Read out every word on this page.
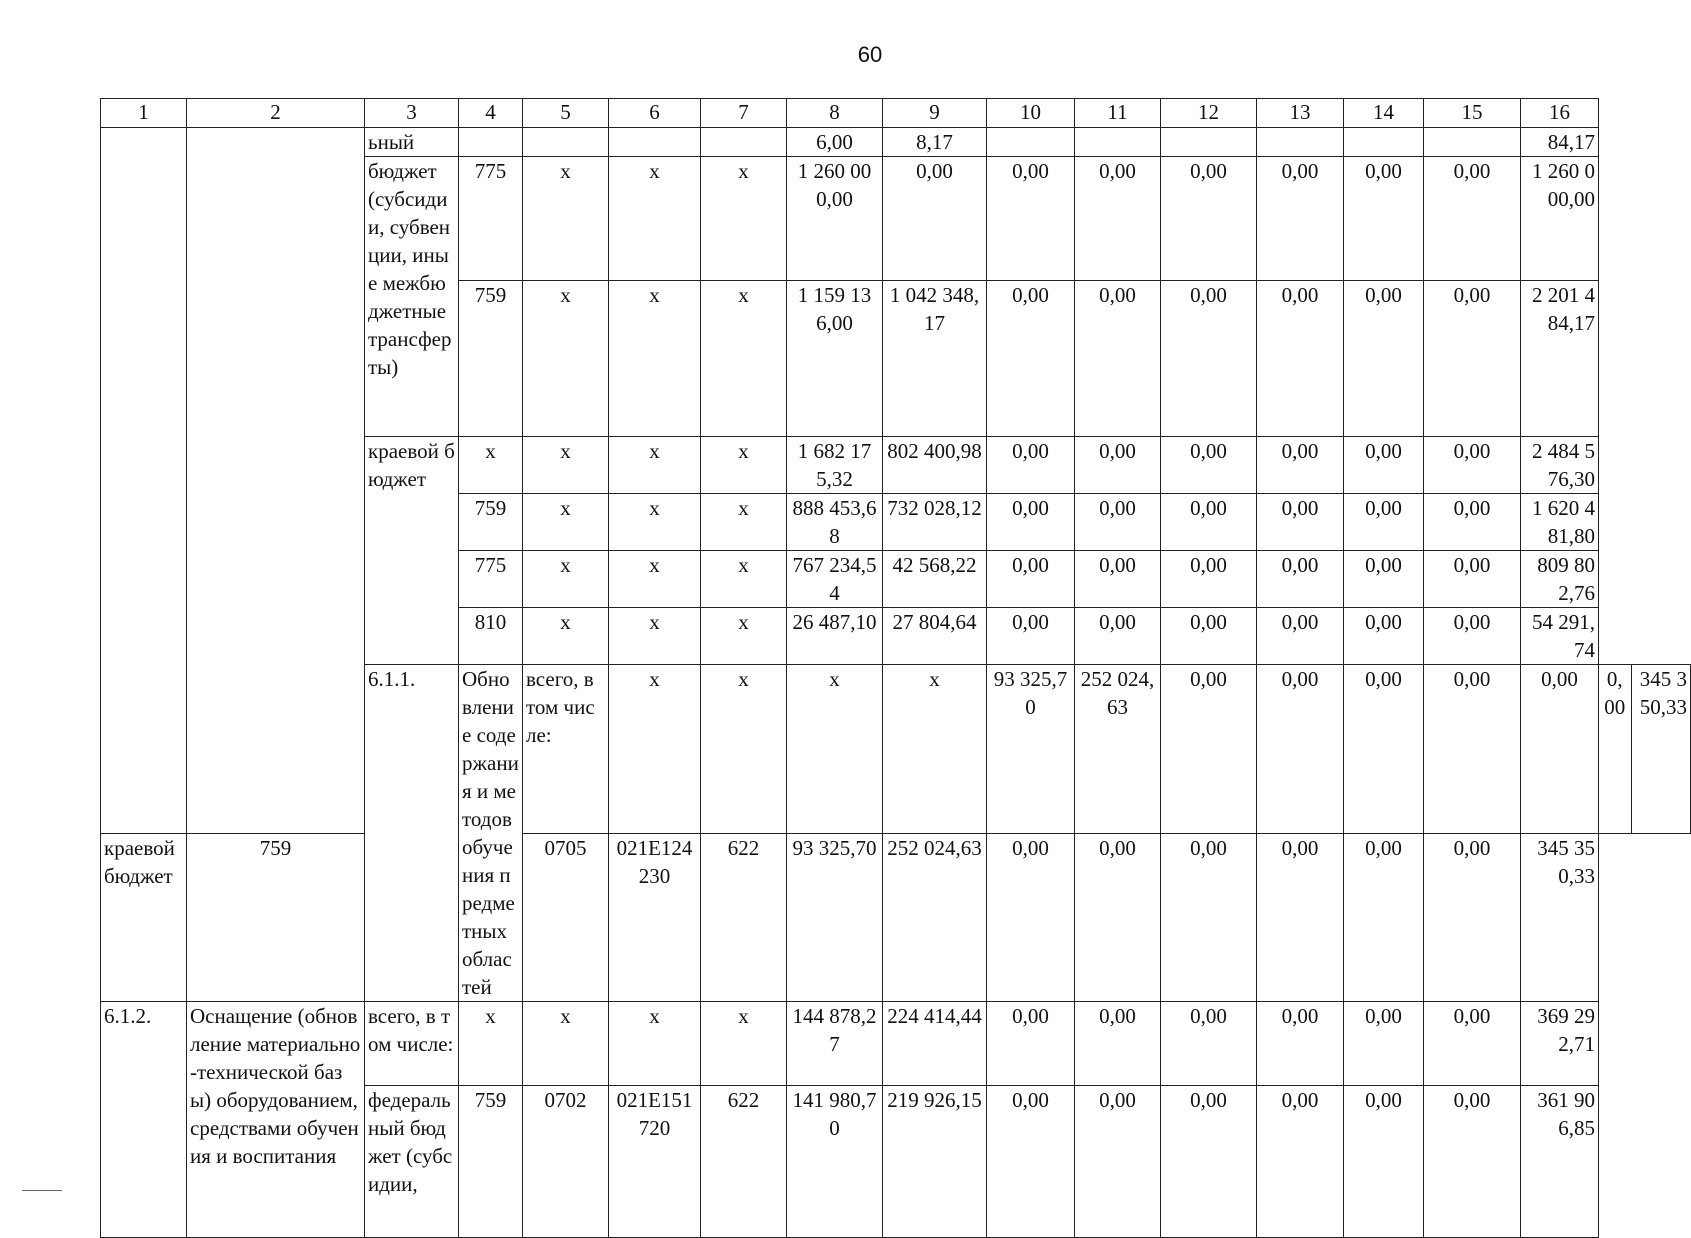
60
1	2	3	4	5	6	7	8	9	10	11	12	13	14	15	16		
		ьный					6,00	8,17							84,17		
		бюджет (субсидии, субвенции, иные межбюджетные трансферты)	775	x	x	x	1 260 000,00	0,00	0,00	0,00	0,00	0,00	0,00	0,00	1 260 000,00		
			759	x	x	x	1 159 136,00	1 042 348,17	0,00	0,00	0,00	0,00	0,00	0,00	2 201 484,17		
		краевой бюджет	x	x	x	x	1 682 175,32	802 400,98	0,00	0,00	0,00	0,00	0,00	0,00	2 484 576,30		
			759	x	x	x	888 453,68	732 028,12	0,00	0,00	0,00	0,00	0,00	0,00	1 620 481,80		
			775	x	x	x	767 234,54	42 568,22	0,00	0,00	0,00	0,00	0,00	0,00	809 802,76		
			810	x	x	x	26 487,10	27 804,64	0,00	0,00	0,00	0,00	0,00	0,00	54 291,74		
		6.1.1.	Обновление содержания и методов обучения предметных областей	всего, в том числе:	x	x	x	x	93 325,70	252 024,63	0,00	0,00	0,00	0,00	0,00	0,00	345 350,33
краевой бюджет	759			0705	021E124230	622	93 325,70	252 024,63	0,00	0,00	0,00	0,00	0,00	0,00	345 350,33		
6.1.2.	Оснащение (обновление материально-технической базы) оборудованием, средствами обучения и воспитания	всего, в том числе:	x	x	x	x	144 878,27	224 414,44	0,00	0,00	0,00	0,00	0,00	0,00	369 292,71		
		федеральный бюджет (субсидии,	759	0702	021E151720	622	141 980,70	219 926,15	0,00	0,00	0,00	0,00	0,00	0,00	361 906,85		
